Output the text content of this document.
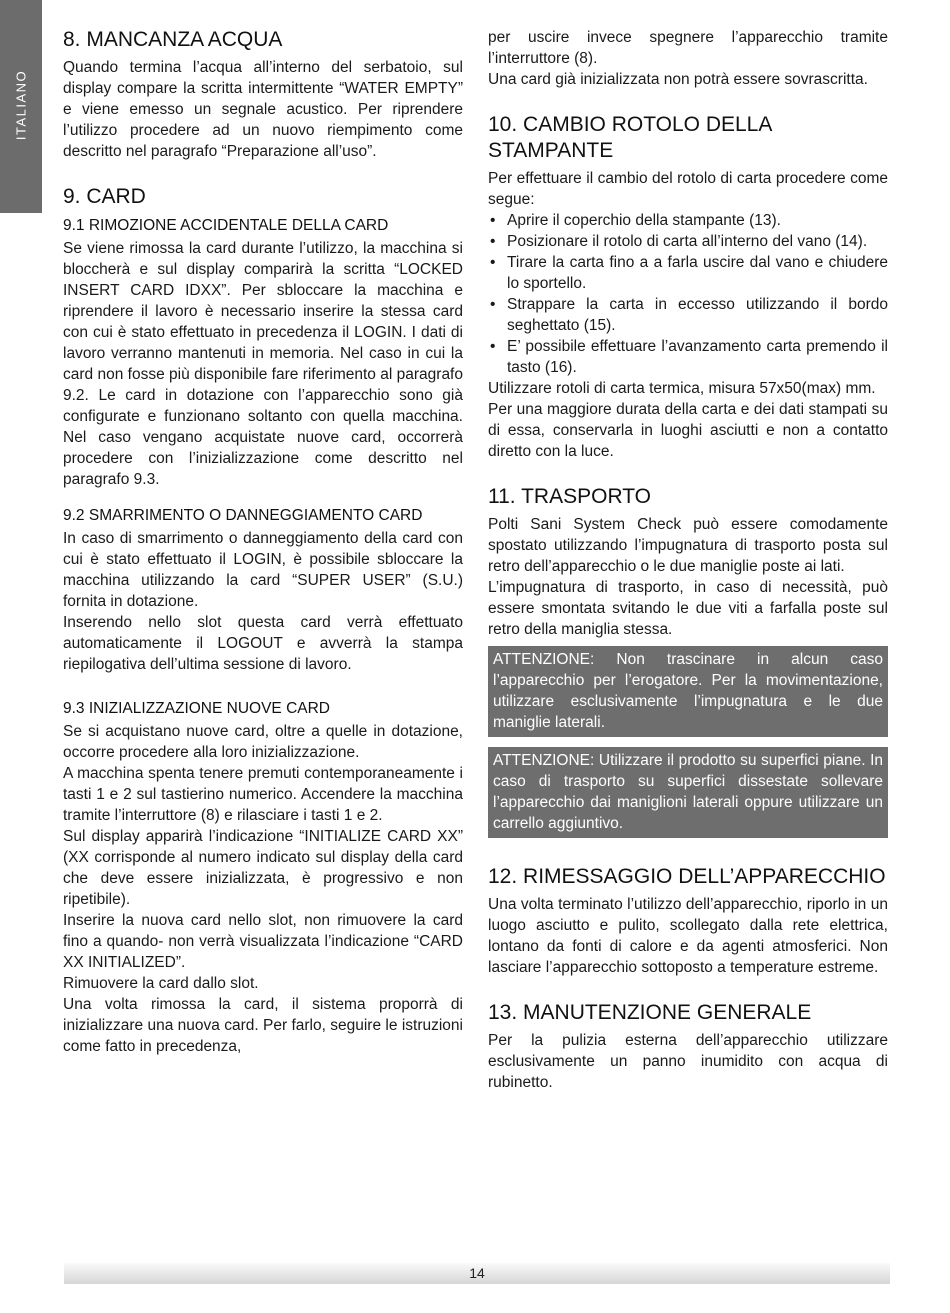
ITALIANO
8. MANCANZA ACQUA

Quando termina l’acqua all’interno del serbatoio, sul display compare la scritta intermittente “WATER EMPTY” e viene emesso un segnale acustico. Per riprendere l’utilizzo procedere ad un nuovo riempimento come descritto nel paragrafo “Preparazione all’uso”.

9. CARD
9.1 RIMOZIONE ACCIDENTALE DELLA CARD

Se viene rimossa la card durante l’utilizzo, la macchina si bloccherà e sul display comparirà la scritta “LOCKED INSERT CARD IDXX”. Per sbloccare la macchina e riprendere il lavoro è necessario inserire la stessa card con cui è stato effettuato in precedenza il LOGIN. I dati di lavoro verranno mantenuti in memoria. Nel caso in cui la card non fosse più disponibile fare riferimento al paragrafo 9.2. Le card in dotazione con l’apparecchio sono già configurate e funzionano soltanto con quella macchina. Nel caso vengano acquistate nuove card, occorrerà procedere con l’inizializzazione come descritto nel paragrafo 9.3.

9.2 SMARRIMENTO O DANNEGGIAMENTO CARD

In caso di smarrimento o danneggiamento della card con cui è stato effettuato il LOGIN, è possibile sbloccare la macchina utilizzando la card “SUPER USER” (S.U.) fornita in dotazione.

Inserendo nello slot questa card verrà effettuato automaticamente il LOGOUT e avverrà la stampa riepilogativa dell’ultima sessione di lavoro.

9.3 INIZIALIZZAZIONE NUOVE CARD

Se si acquistano nuove card, oltre a quelle in dotazione, occorre procedere alla loro inizializzazione.

A macchina spenta tenere premuti contemporaneamente i tasti 1 e 2 sul tastierino numerico. Accendere la macchina tramite l’interruttore (8) e rilasciare i tasti 1 e 2.

Sul display apparirà l’indicazione “INITIALIZE CARD XX” (XX corrisponde al numero indicato sul display della card che deve essere inizializzata, è progressivo e non ripetibile).

Inserire la nuova card nello slot, non rimuovere la card fino a quando- non verrà visualizzata l’indicazione “CARD XX INITIALIZED”.

Rimuovere la card dallo slot.

Una volta rimossa la card, il sistema proporrà di inizializzare una nuova card. Per farlo, seguire le istruzioni come fatto in precedenza,

per uscire invece spegnere l’apparecchio tramite l’interruttore (8).

Una card già inizializzata non potrà essere sovrascritta.

10. CAMBIO ROTOLO DELLA STAMPANTE

Per effettuare il cambio del rotolo di carta procedere come segue:

• Aprire il coperchio della stampante (13).
• Posizionare il rotolo di carta all’interno del vano (14).
• Tirare la carta fino a a farla uscire dal vano e chiudere lo sportello.
• Strappare la carta in eccesso utilizzando il bordo seghettato (15).
• E’ possibile effettuare l’avanzamento carta premendo il tasto (16).

Utilizzare rotoli di carta termica, misura 57x50(max) mm.

Per una maggiore durata della carta e dei dati stampati su di essa, conservarla in luoghi asciutti e non a contatto diretto con la luce.

11. TRASPORTO

Polti Sani System Check può essere comodamente spostato utilizzando l’impugnatura di trasporto posta sul retro dell’apparecchio o le due maniglie poste ai lati.

L’impugnatura di trasporto, in caso di necessità, può essere smontata svitando le due viti a farfalla poste sul retro della maniglia stessa.

ATTENZIONE: Non trascinare in alcun caso l’apparecchio per l’erogatore. Per la movimentazione, utilizzare esclusivamente l’impugnatura e le due maniglie laterali.
ATTENZIONE: Utilizzare il prodotto su superfici piane. In caso di trasporto su superfici dissestate sollevare l’apparecchio dai maniglioni laterali oppure utilizzare un carrello aggiuntivo.
12. RIMESSAGGIO DELL’APPARECCHIO

Una volta terminato l’utilizzo dell’apparecchio, riporlo in un luogo asciutto e pulito, scollegato dalla rete elettrica, lontano da fonti di calore e da agenti atmosferici. Non lasciare l’apparecchio sottoposto a temperature estreme.

13. MANUTENZIONE GENERALE

Per la pulizia esterna dell’apparecchio utilizzare esclusivamente un panno inumidito con acqua di rubinetto.

14
